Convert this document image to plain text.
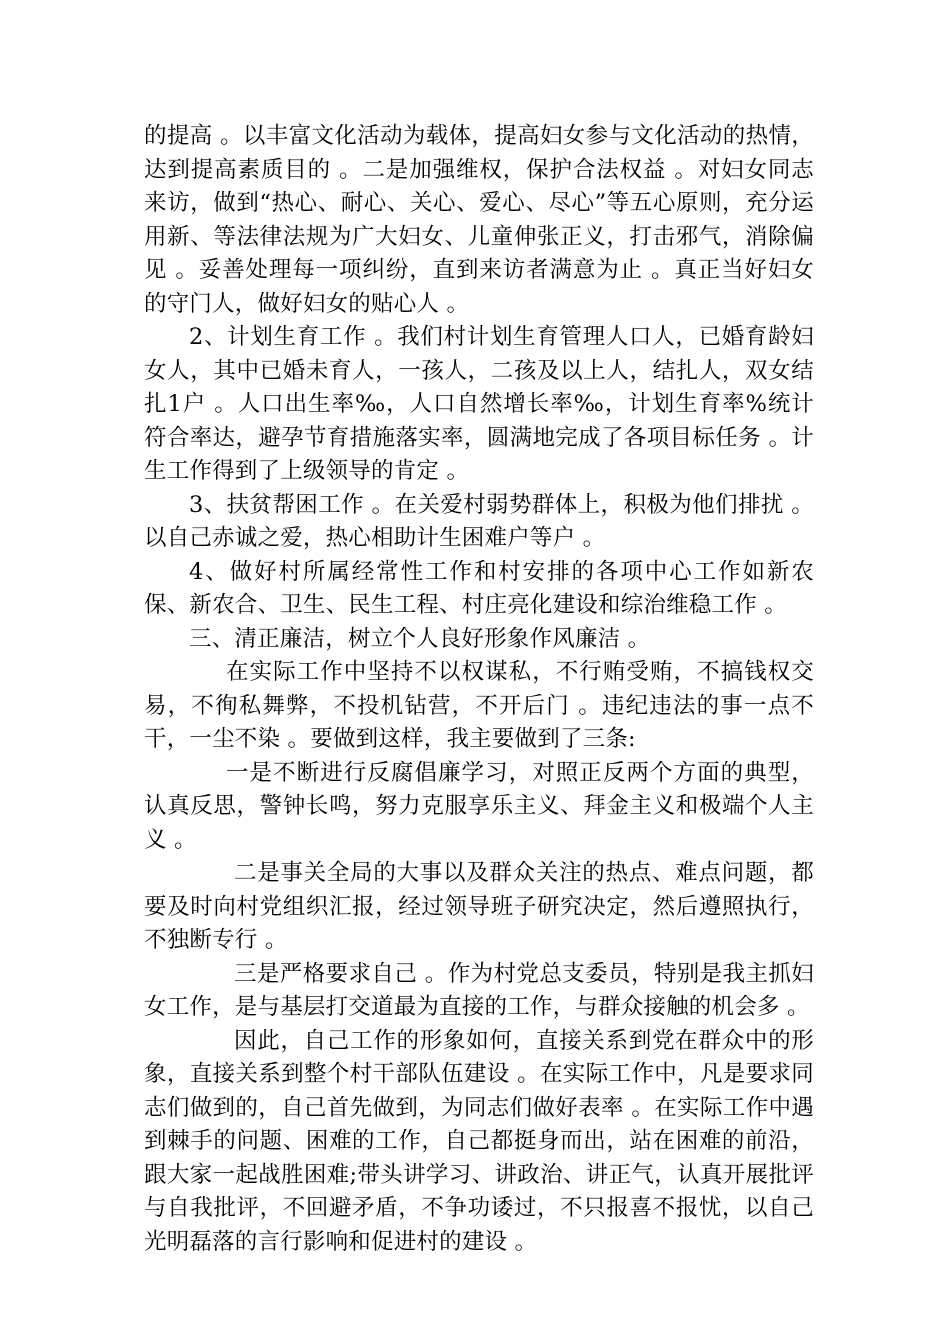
的提高 。以丰富文化活动为载体，提高妇女参与文化活动的热情，达到提高素质目的 。二是加强维权，保护合法权益 。对妇女同志来访，做到“热心、耐心、关心、爱心、尽心”等五心原则，充分运用新、等法律法规为广大妇女、儿童伸张正义，打击邪气，消除偏见 。妥善处理每一项纠纷，直到来访者满意为止 。真正当好妇女的守门人，做好妇女的贴心人 。

2、计划生育工作 。我们村计划生育管理人口人，已婚育龄妇女人，其中已婚未育人，一孩人，二孩及以上人，结扎人，双女结扎1户 。人口出生率‰，人口自然增长率‰，计划生育率%统计符合率达，避孕节育措施落实率，圆满地完成了各项目标任务 。计生工作得到了上级领导的肯定 。

3、扶贫帮困工作 。在关爱村弱势群体上，积极为他们排扰 。以自己赤诚之爱，热心相助计生困难户等户 。

4、做好村所属经常性工作和村安排的各项中心工作如新农保、新农合、卫生、民生工程、村庄亮化建设和综治维稳工作 。

三、清正廉洁，树立个人良好形象作风廉洁 。

在实际工作中坚持不以权谋私，不行贿受贿，不搞钱权交易，不徇私舞弊，不投机钻营，不开后门 。违纪违法的事一点不干，一尘不染 。要做到这样，我主要做到了三条:

一是不断进行反腐倡廉学习，对照正反两个方面的典型，认真反思，警钟长鸣，努力克服享乐主义、拜金主义和极端个人主义 。

二是事关全局的大事以及群众关注的热点、难点问题，都要及时向村党组织汇报，经过领导班子研究决定，然后遵照执行，不独断专行 。

三是严格要求自己 。作为村党总支委员，特别是我主抓妇女工作，是与基层打交道最为直接的工作，与群众接触的机会多 。

因此，自己工作的形象如何，直接关系到党在群众中的形象，直接关系到整个村干部队伍建设 。在实际工作中，凡是要求同志们做到的，自己首先做到，为同志们做好表率 。在实际工作中遇到棘手的问题、困难的工作，自己都挺身而出，站在困难的前沿，跟大家一起战胜困难;带头讲学习、讲政治、讲正气，认真开展批评与自我批评，不回避矛盾，不争功诿过，不只报喜不报忧，以自己光明磊落的言行影响和促进村的建设 。
